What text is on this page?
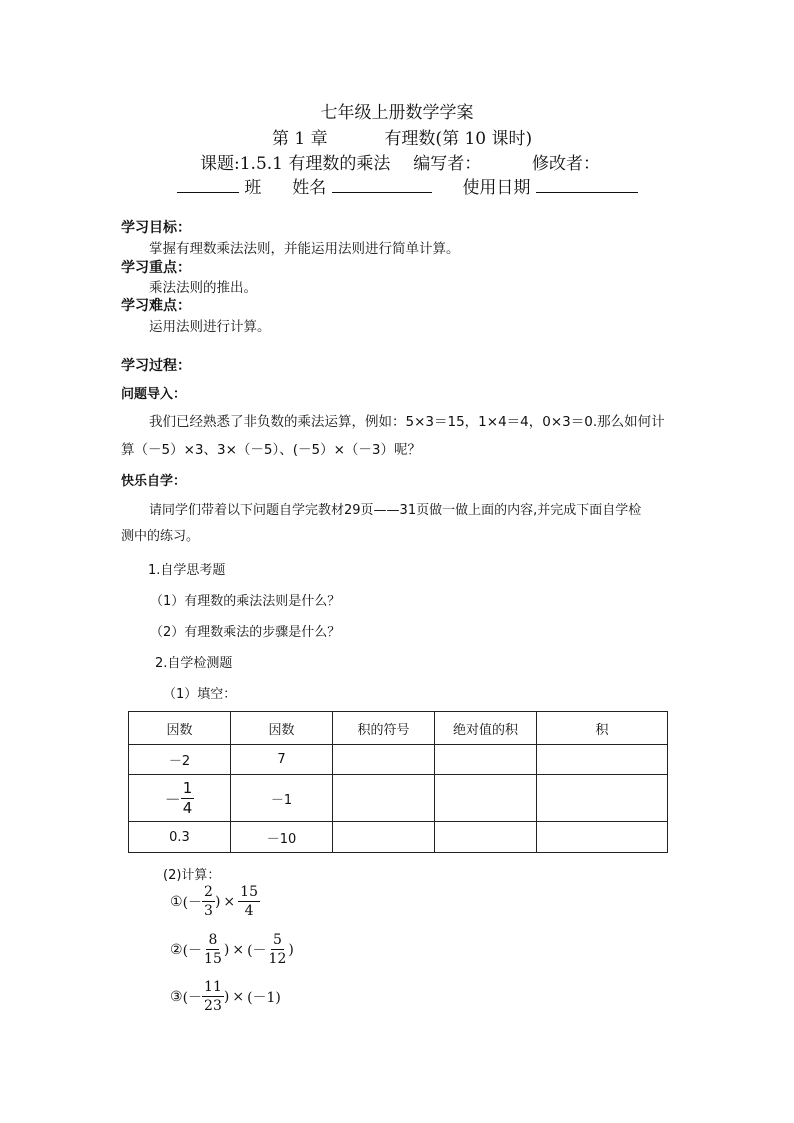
七年级上册数学学案
第 1 章	有理数(第 10 课时)
课题:1.5.1 有理数的乘法 编写者：	修改者：
班 姓名	使用日期
学习目标：
掌握有理数乘法法则，并能运用法则进行简单计算。
学习重点：
乘法法则的推出。
学习难点：
运用法则进行计算。
学习过程：
问题导入：
我们已经熟悉了非负数的乘法运算，例如：5×3＝15，1×4＝4，0×3＝0.那么如何计
算（－5）×3、3×（－5）、(－5）×（－3）呢？
快乐自学：
请同学们带着以下问题自学完教材29页——31页做一做上面的内容,并完成下面自学检
测中的练习。
1.自学思考题
（1）有理数的乘法法则是什么？
（2）有理数乘法的步骤是什么？
2.自学检测题
（1）填空：
因数	因数	积的符号	绝对值的积	积
－2	7			
－ $\frac{1}{4}$	－1			
0.3	－10			
(2)计算：
① (－ $\frac{2}{3}$ ) × $\frac{15}{4}$
② (－ $\frac{8}{15}$ ) × (－ $\frac{5}{12}$ )
③ (－ $\frac{11}{23}$ ) × (－1)
